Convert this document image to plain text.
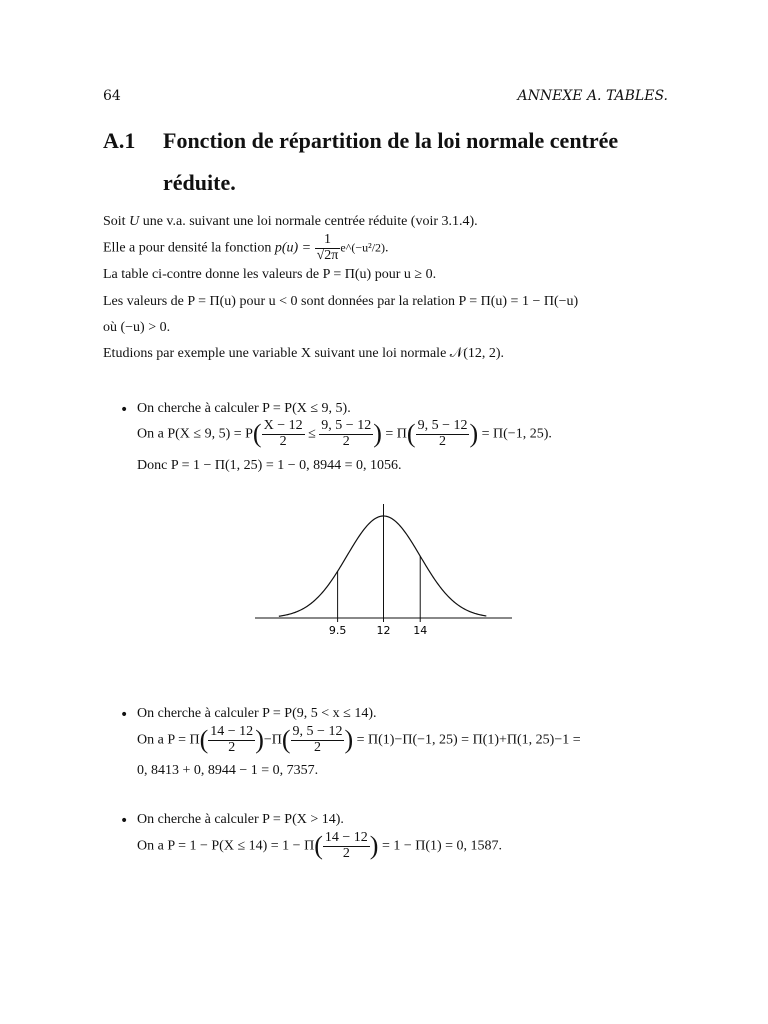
64	ANNEXE A. TABLES.
A.1 Fonction de répartition de la loi normale centrée
réduite.
Soit U une v.a. suivant une loi normale centrée réduite (voir 3.1.4).
Elle a pour densité la fonction $p(u) = \frac{1}{√2\pi}$ e^(−u²/2).
La table ci-contre donne les valeurs de P = Π(u) pour u ≥ 0.
Les valeurs de P = Π(u) pour u < 0 sont données par la relation P = Π(u) = 1 − Π(−u)
où (−u) > 0.
Etudions par exemple une variable X suivant une loi normale 𝒩(12, 2).
• On cherche à calculer P = P(X ≤ 9, 5).
On a P(X ≤ 9, $5) = P( \frac{X - 12}{2} \le \frac{9, 5 - 12}{2}$ ) = $\Pi( \frac{9, 5 - 12}{2}$ ) = Π(−1, 25).
Donc P = 1 − Π(1, 25) = 1 − 0, 8944 = 0, 1056.
9.5	12 14
• On cherche à calculer P = P(9, 5 < x ≤ 14).
On a $P = \Pi( \frac{14 - 12}{2} )-\Pi( \frac{9, 5 - 12}{2}$ ) = Π(1)−Π(−1, 25) = Π(1)+Π(1, 25)−1 =
0, 8413 + 0, 8944 − 1 = 0, 7357.
• On cherche à calculer P = P(X > 14).
On a $P = 1 - P(X \le 14) = 1 - \Pi( \frac{14 - 12}{2}$ ) = 1 − Π(1) = 0, 1587.
